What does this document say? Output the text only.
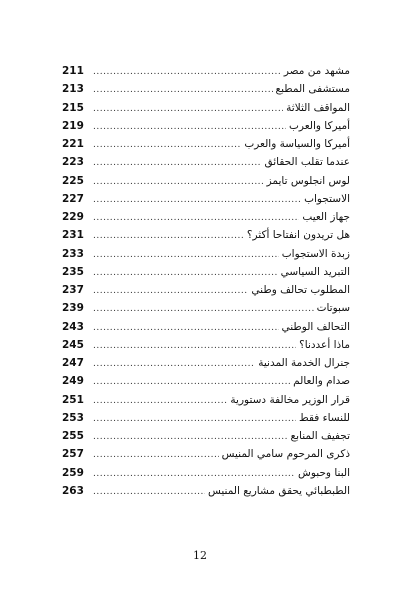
211 .....	مشهد من مصر
213 .....	مستشفى المطبع
215 .....	المواقف الثلاثة
219 .....	أميركا والعرب
221 .....	أميركا والسياسة والعرب
223 .....	عندما تقلب الحقائق
225 .....	لوس انجلوس تايمز
227 .....	الاستجواب
229 .....	جهاز العيب
231 .....	هل تريدون انفتاحا أكثر؟
233 .....	زبدة الاستجواب
235 .....	التبريد السياسي
237 .....	المطلوب تحالف وطني
239 .....	سبوتات
243 .....	التحالف الوطني
245 .....	ماذا أعددنا؟
247 .....	جنرال الخدمة المدنية
249 .....	صدام والعالم
251 .....	قرار الوزير مخالفة دستورية
253 .....	للنساء فقط
255 .....	تجفيف المنابع
257 .....	ذكرى المرحوم سامي المنيس
259 .....	البنا وحبوش
263 .....	الطبطبائي يحقق مشاريع المنيس
12
